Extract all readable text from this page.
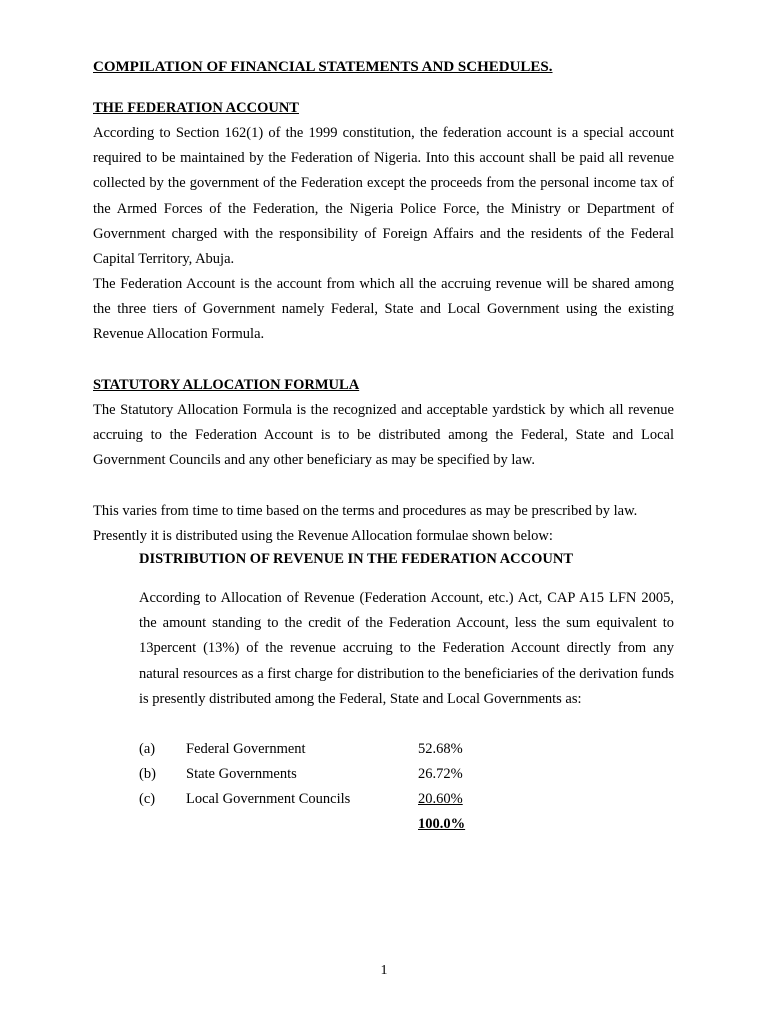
COMPILATION OF FINANCIAL STATEMENTS AND SCHEDULES.
THE FEDERATION ACCOUNT

According to Section 162(1) of the 1999 constitution, the federation account is a special account required to be maintained by the Federation of Nigeria. Into this account shall be paid all revenue collected by the government of the Federation except the proceeds from the personal income tax of the Armed Forces of the Federation, the Nigeria Police Force, the Ministry or Department of Government charged with the responsibility of Foreign Affairs and the residents of the Federal Capital Territory, Abuja.

The Federation Account is the account from which all the accruing revenue will be shared among the three tiers of Government namely Federal, State and Local Government using the existing Revenue Allocation Formula.

STATUTORY ALLOCATION FORMULA

The Statutory Allocation Formula is the recognized and acceptable yardstick by which all revenue accruing to the Federation Account is to be distributed among the Federal, State and Local Government Councils and any other beneficiary as may be specified by law.

This varies from time to time based on the terms and procedures as may be prescribed by law.

Presently it is distributed using the Revenue Allocation formulae shown below:

DISTRIBUTION OF REVENUE IN THE FEDERATION ACCOUNT

According to Allocation of Revenue (Federation Account, etc.) Act, CAP A15 LFN 2005, the amount standing to the credit of the Federation Account, less the sum equivalent to 13percent (13%) of the revenue accruing to the Federation Account directly from any natural resources as a first charge for distribution to the beneficiaries of the derivation funds is presently distributed among the Federal, State and Local Governments as:

(a) Federal Government	52.68%
(b) State Governments	26.72%
(c) Local Government Councils	20.60%
100.0%
1
